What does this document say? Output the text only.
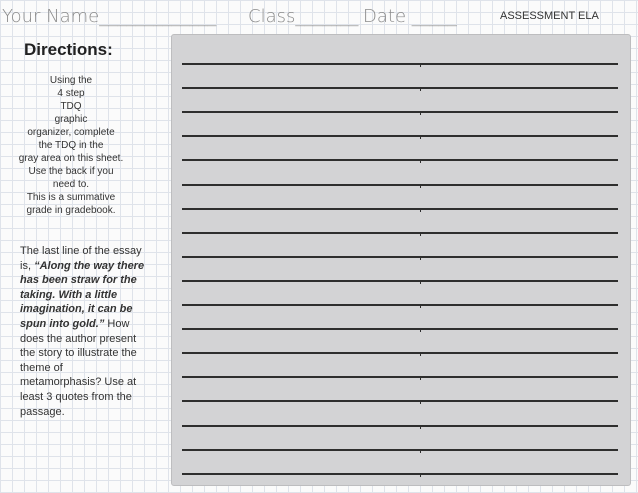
Your Name_____________ Class_______ Date _____	ASSESSMENT ELA
Directions:
Using the
4 step
TDQ
graphic
organizer, complete
the TDQ in the
gray area on this sheet.
Use the back if you
need to.
This is a summative
grade in gradebook.
The last line of the essay is, “Along the way there has been straw for the taking. With a little imagination, it can be spun into gold.” How does the author present the story to illustrate the theme of metamorphasis? Use at least 3 quotes from the passage.
